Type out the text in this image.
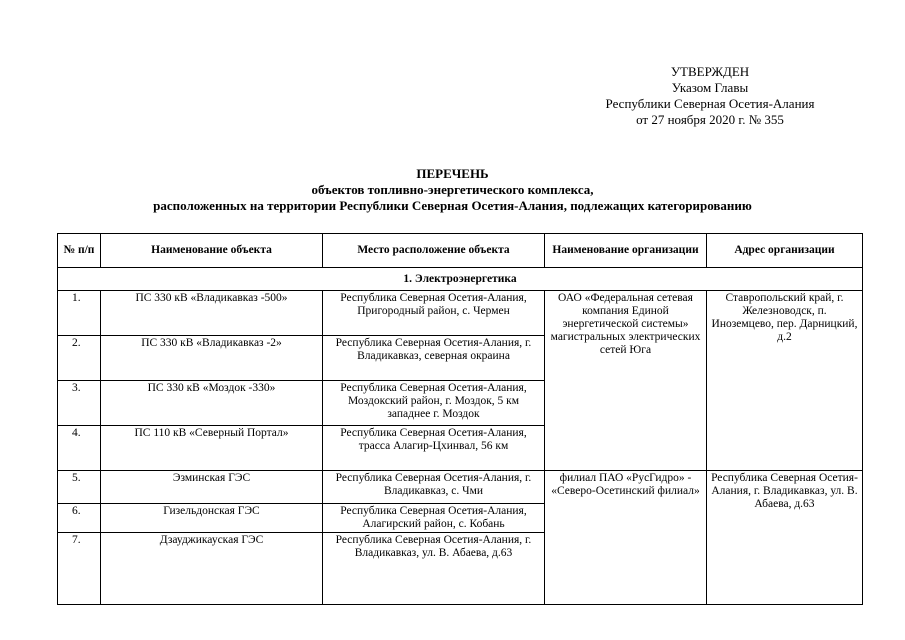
УТВЕРЖДЕН
Указом Главы
Республики Северная Осетия-Алания
от 27 ноября 2020 г. № 355
ПЕРЕЧЕНЬ
объектов топливно-энергетического комплекса,
расположенных на территории Республики Северная Осетия-Алания, подлежащих категорированию
№ п/п	Наименование объекта	Место расположение объекта	Наименование организации	Адрес организации
1. Электроэнергетика				
1.	ПС 330 кВ «Владикавказ -500»	Республика Северная Осетия-Алания, Пригородный район, с. Чермен	ОАО «Федеральная сетевая компания Единой энергетической системы» магистральных электрических сетей Юга	Ставропольский край, г. Железноводск, п. Иноземцево, пер. Дарницкий, д.2
2.	ПС 330 кВ «Владикавказ -2»	Республика Северная Осетия-Алания, г. Владикавказ, северная окраина		
3.	ПС 330 кВ «Моздок -330»	Республика Северная Осетия-Алания, Моздокский район, г. Моздок, 5 км западнее г. Моздок		
4.	ПС 110 кВ «Северный Портал»	Республика Северная Осетия-Алания, трасса Алагир-Цхинвал, 56 км		
5.	Эзминская ГЭС	Республика Северная Осетия-Алания, г. Владикавказ, с. Чми	филиал ПАО «РусГидро» - «Северо-Осетинский филиал»	Республика Северная Осетия-Алания, г. Владикавказ, ул. В. Абаева, д.63
6.	Гизельдонская ГЭС	Республика Северная Осетия-Алания, Алагирский район, с. Кобань		
7.	Дзауджикауская ГЭС	Республика Северная Осетия-Алания, г. Владикавказ, ул. В. Абаева, д.63		
